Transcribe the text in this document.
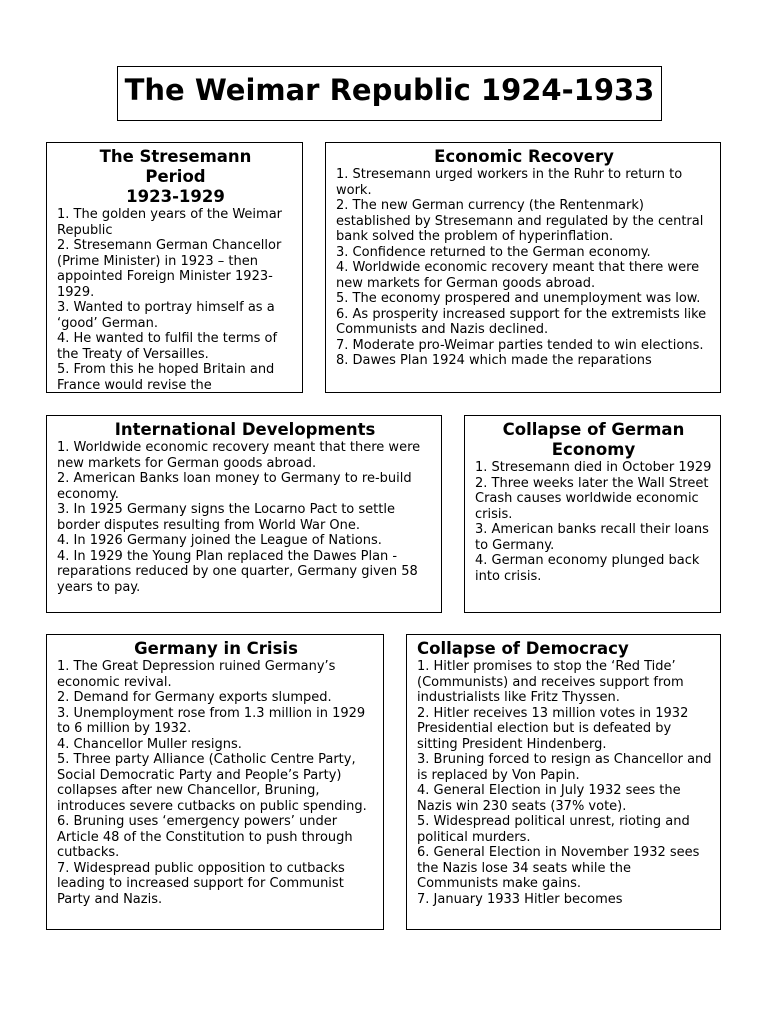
The Weimar Republic 1924-1933
The Stresemann
Period
1923-1929
1. The golden years of the Weimar Republic
2. Stresemann German Chancellor (Prime Minister) in 1923 – then appointed Foreign Minister 1923-1929.
3. Wanted to portray himself as a ‘good’ German.
4. He wanted to fulfil the terms of the Treaty of Versailles.
5. From this he hoped Britain and France would revise the
Economic Recovery
1. Stresemann urged workers in the Ruhr to return to work.
2. The new German currency (the Rentenmark) established by Stresemann and regulated by the central bank solved the problem of hyperinflation.
3. Confidence returned to the German economy.
4. Worldwide economic recovery meant that there were new markets for German goods abroad.
5. The economy prospered and unemployment was low.
6. As prosperity increased support for the extremists like Communists and Nazis declined.
7. Moderate pro-Weimar parties tended to win elections.
8. Dawes Plan 1924 which made the reparations
International Developments
1. Worldwide economic recovery meant that there were new markets for German goods abroad.
2. American Banks loan money to Germany to re-build economy.
3. In 1925 Germany signs the Locarno Pact to settle border disputes resulting from World War One.
4. In 1926 Germany joined the League of Nations.
4. In 1929 the Young Plan replaced the Dawes Plan - reparations reduced by one quarter, Germany given 58 years to pay.
Collapse of German
Economy
1. Stresemann died in October 1929
2. Three weeks later the Wall Street Crash causes worldwide economic crisis.
3. American banks recall their loans to Germany.
4. German economy plunged back into crisis.
Germany in Crisis
1. The Great Depression ruined Germany’s economic revival.
2. Demand for Germany exports slumped.
3. Unemployment rose from 1.3 million in 1929 to 6 million by 1932.
4. Chancellor Muller resigns.
5. Three party Alliance (Catholic Centre Party, Social Democratic Party and People’s Party) collapses after new Chancellor, Bruning, introduces severe cutbacks on public spending.
6. Bruning uses ‘emergency powers’ under Article 48 of the Constitution to push through cutbacks.
7. Widespread public opposition to cutbacks leading to increased support for Communist Party and Nazis.
Collapse of Democracy
1. Hitler promises to stop the ‘Red Tide’ (Communists) and receives support from industrialists like Fritz Thyssen.
2. Hitler receives 13 million votes in 1932 Presidential election but is defeated by sitting President Hindenberg.
3. Bruning forced to resign as Chancellor and is replaced by Von Papin.
4. General Election in July 1932 sees the Nazis win 230 seats (37% vote).
5. Widespread political unrest, rioting and political murders.
6. General Election in November 1932 sees the Nazis lose 34 seats while the Communists make gains.
7. January 1933 Hitler becomes
